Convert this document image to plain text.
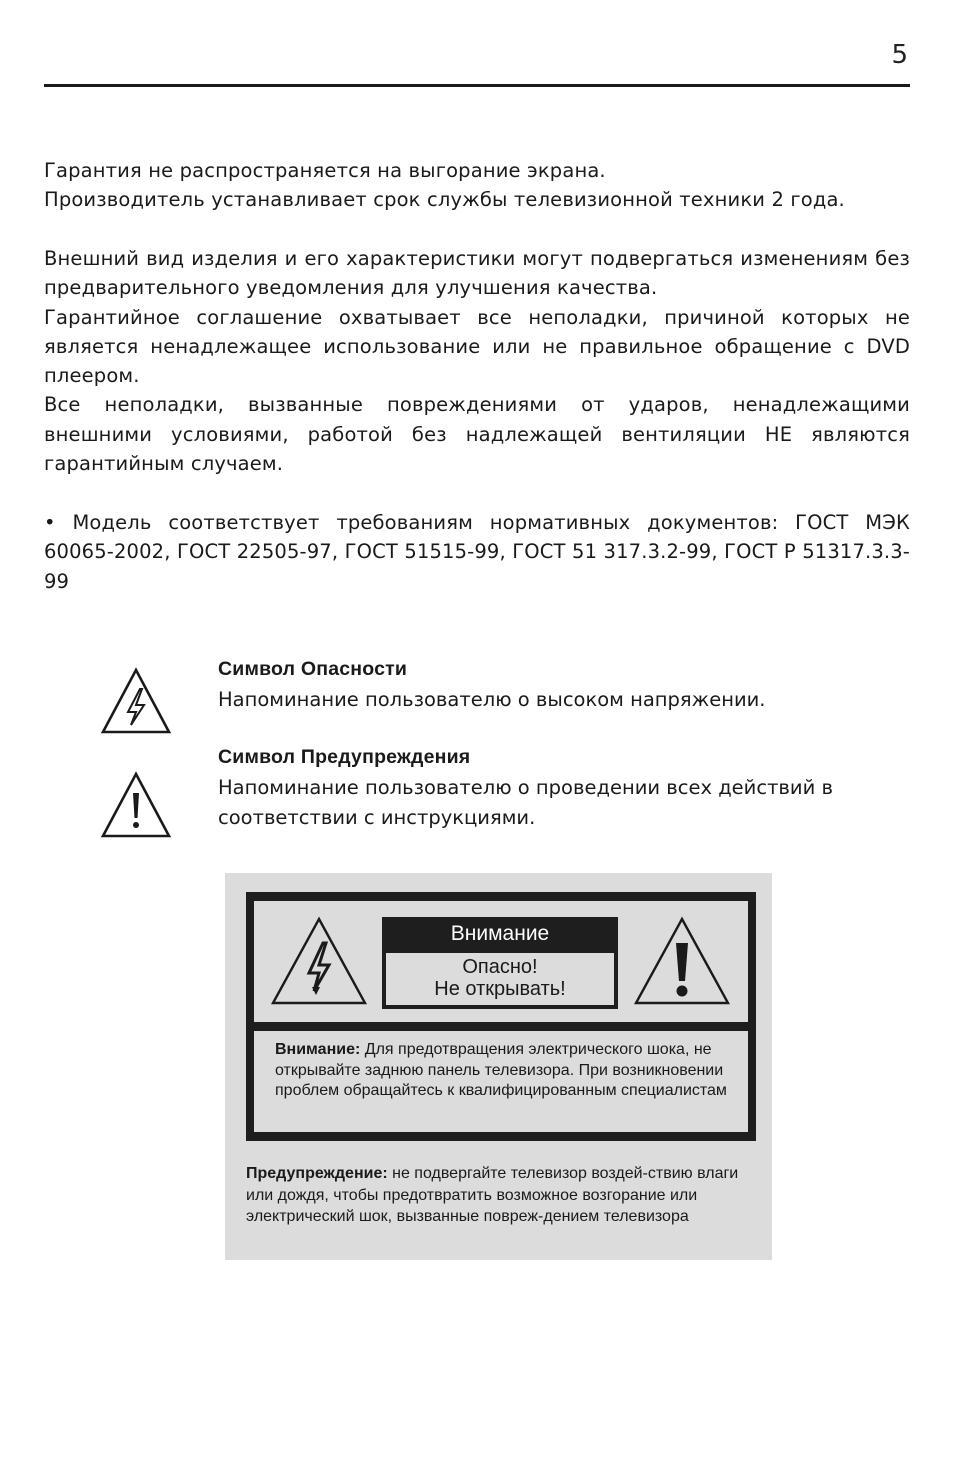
5

Гарантия не распространяется на выгорание экрана.

Производитель устанавливает срок службы телевизионной техники 2 года.

Внешний вид изделия и его характеристики могут подвергаться изменениям без предварительного уведомления для улучшения качества.

Гарантийное соглашение охватывает все неполадки, причиной которых не является ненадлежащее использование или не правильное обращение с DVD плеером.

Все неполадки, вызванные повреждениями от ударов, ненадлежащими внешними условиями, работой без надлежащей вентиляции НЕ являются гарантийным случаем.

• Модель соответствует требованиям нормативных документов: ГОСТ МЭК 60065-2002, ГОСТ 22505-97, ГОСТ 51515-99, ГОСТ 51 317.3.2-99, ГОСТ Р 51317.3.3-99

Символ Опасности
Напоминание пользователю о высоком напряжении.
Символ Предупреждения
Напоминание пользователю о проведении всех действий в соответствии с инструкциями.
Внимание
Опасно!
Не открывать!
Внимание: Для предотвращения электрического шока, не открывайте заднюю панель телевизора. При возникновении проблем обращайтесь к квалифицированным специалистам
Предупреждение: не подвергайте телевизор воздей-ствию влаги или дождя, чтобы предотвратить возможное возгорание или электрический шок, вызванные повреж-дением телевизора
